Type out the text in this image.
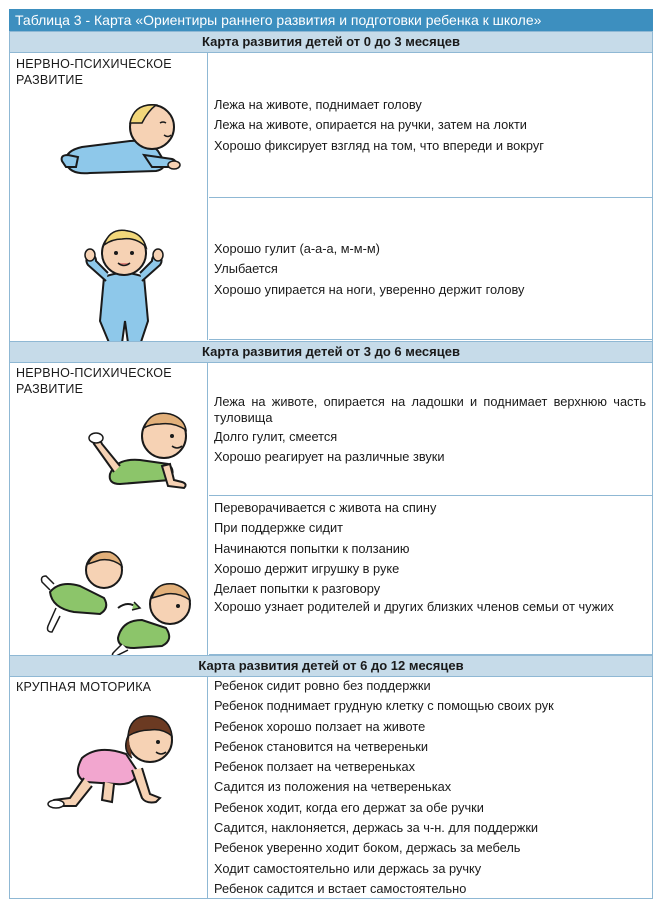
Таблица 3 - Карта «Ориентиры раннего развития и подготовки ребенка к школе»
Карта развития детей от 0 до 3 месяцев
НЕРВНО-ПСИХИЧЕСКОЕ РАЗВИТИЕ
Лежа на животе, поднимает голову
Лежа на животе, опирается на ручки, затем на локти
Хорошо фиксирует взгляд на том, что впереди и вокруг
Хорошо гулит (а-а-а, м-м-м)
Улыбается
Хорошо упирается на ноги, уверенно держит голову
Карта развития детей от 3 до 6 месяцев
НЕРВНО-ПСИХИЧЕСКОЕ РАЗВИТИЕ
Лежа на животе, опирается на ладошки и поднимает верхнюю часть туловища
Долго гулит, смеется
Хорошо реагирует на различные звуки
Переворачивается с живота на спину
При поддержке сидит
Начинаются попытки к ползанию
Хорошо держит игрушку в руке
Делает попытки к разговору
Хорошо узнает родителей и других близких членов семьи от чужих
Карта развития детей от 6 до 12 месяцев
КРУПНАЯ МОТОРИКА	Ребенок сидит ровно без поддержки
Ребенок поднимает грудную клетку с помощью своих рук
Ребенок хорошо ползает на животе
Ребенок становится на четвереньки
Ребенок ползает на четвереньках
Садится из положения на четвереньках
Ребенок ходит, когда его держат за обе ручки
Садится, наклоняется, держась за ч-н. для поддержки
Ребенок уверенно ходит боком, держась за мебель
Ходит самостоятельно или держась за ручку
Ребенок садится и встает самостоятельно
